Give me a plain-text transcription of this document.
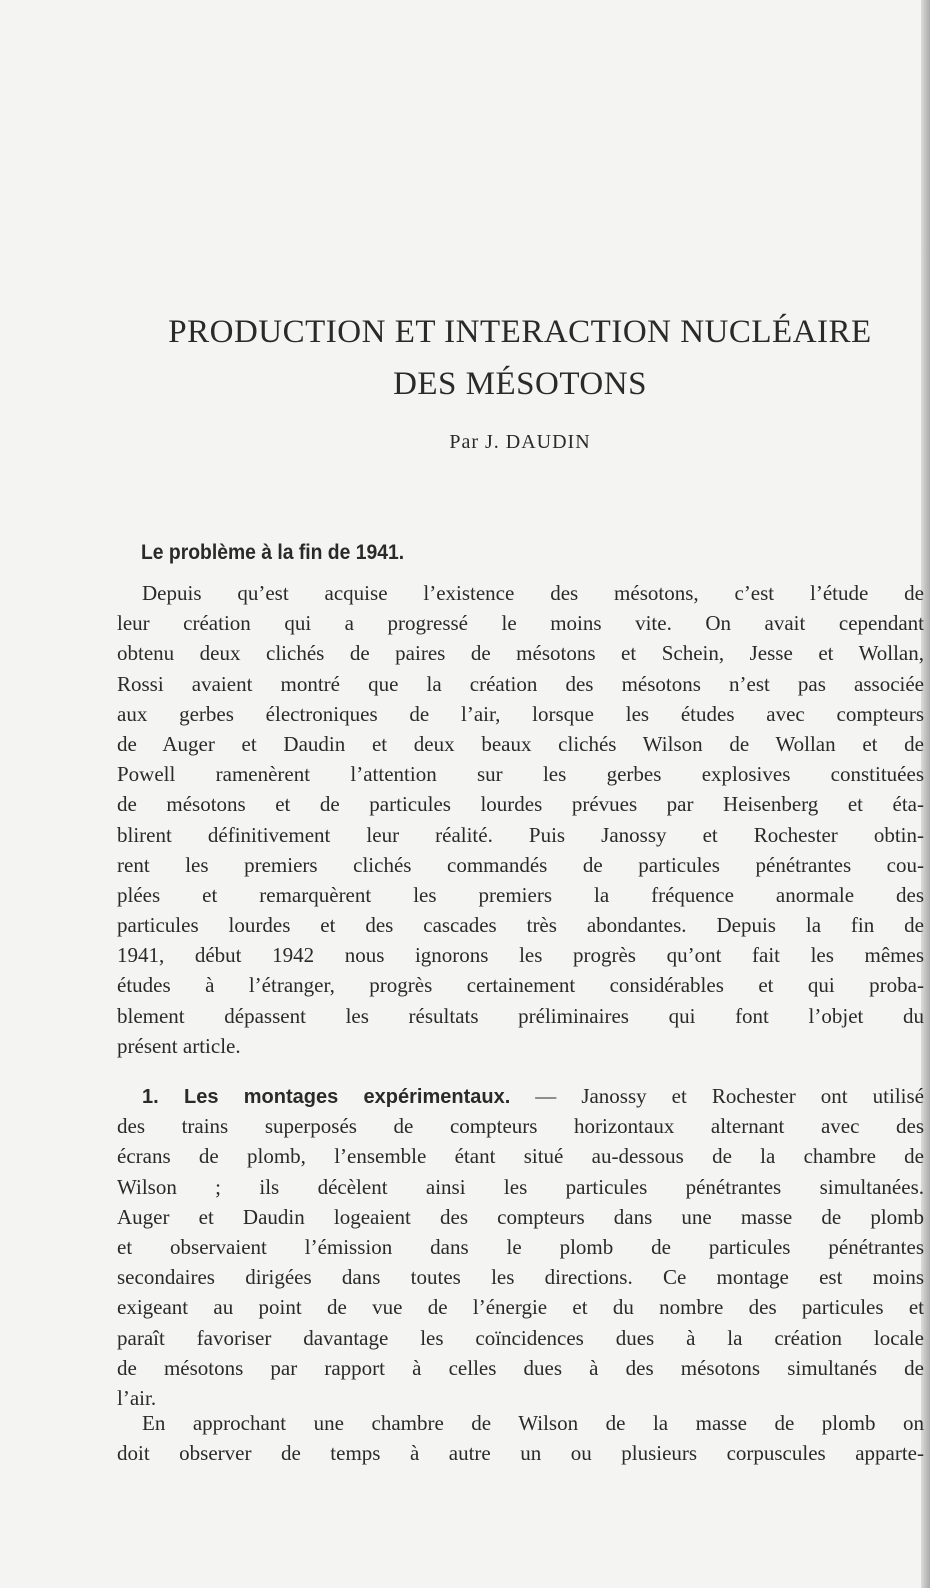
PRODUCTION ET INTERACTION NUCLÉAIRE
DES MÉSOTONS

Par J. DAUDIN

Le problème à la fin de 1941.
Depuis qu’est acquise l’existence des mésotons, c’est l’étude de
leur création qui a progressé le moins vite. On avait cependant
obtenu deux clichés de paires de mésotons et Schein, Jesse et Wollan,
Rossi avaient montré que la création des mésotons n’est pas associée
aux gerbes électroniques de l’air, lorsque les études avec compteurs
de Auger et Daudin et deux beaux clichés Wilson de Wollan et de
Powell ramenèrent l’attention sur les gerbes explosives constituées
de mésotons et de particules lourdes prévues par Heisenberg et éta-
blirent définitivement leur réalité. Puis Janossy et Rochester obtin-
rent les premiers clichés commandés de particules pénétrantes cou-
plées et remarquèrent les premiers la fréquence anormale des
particules lourdes et des cascades très abondantes. Depuis la fin de
1941, début 1942 nous ignorons les progrès qu’ont fait les mêmes
études à l’étranger, progrès certainement considérables et qui proba-
blement dépassent les résultats préliminaires qui font l’objet du
présent article.
1. Les montages expérimentaux. — Janossy et Rochester ont utilisé
des trains superposés de compteurs horizontaux alternant avec des
écrans de plomb, l’ensemble étant situé au-dessous de la chambre de
Wilson ; ils décèlent ainsi les particules pénétrantes simultanées.
Auger et Daudin logeaient des compteurs dans une masse de plomb
et observaient l’émission dans le plomb de particules pénétrantes
secondaires dirigées dans toutes les directions. Ce montage est moins
exigeant au point de vue de l’énergie et du nombre des particules et
paraît favoriser davantage les coïncidences dues à la création locale
de mésotons par rapport à celles dues à des mésotons simultanés de
l’air.
En approchant une chambre de Wilson de la masse de plomb on
doit observer de temps à autre un ou plusieurs corpuscules apparte-
